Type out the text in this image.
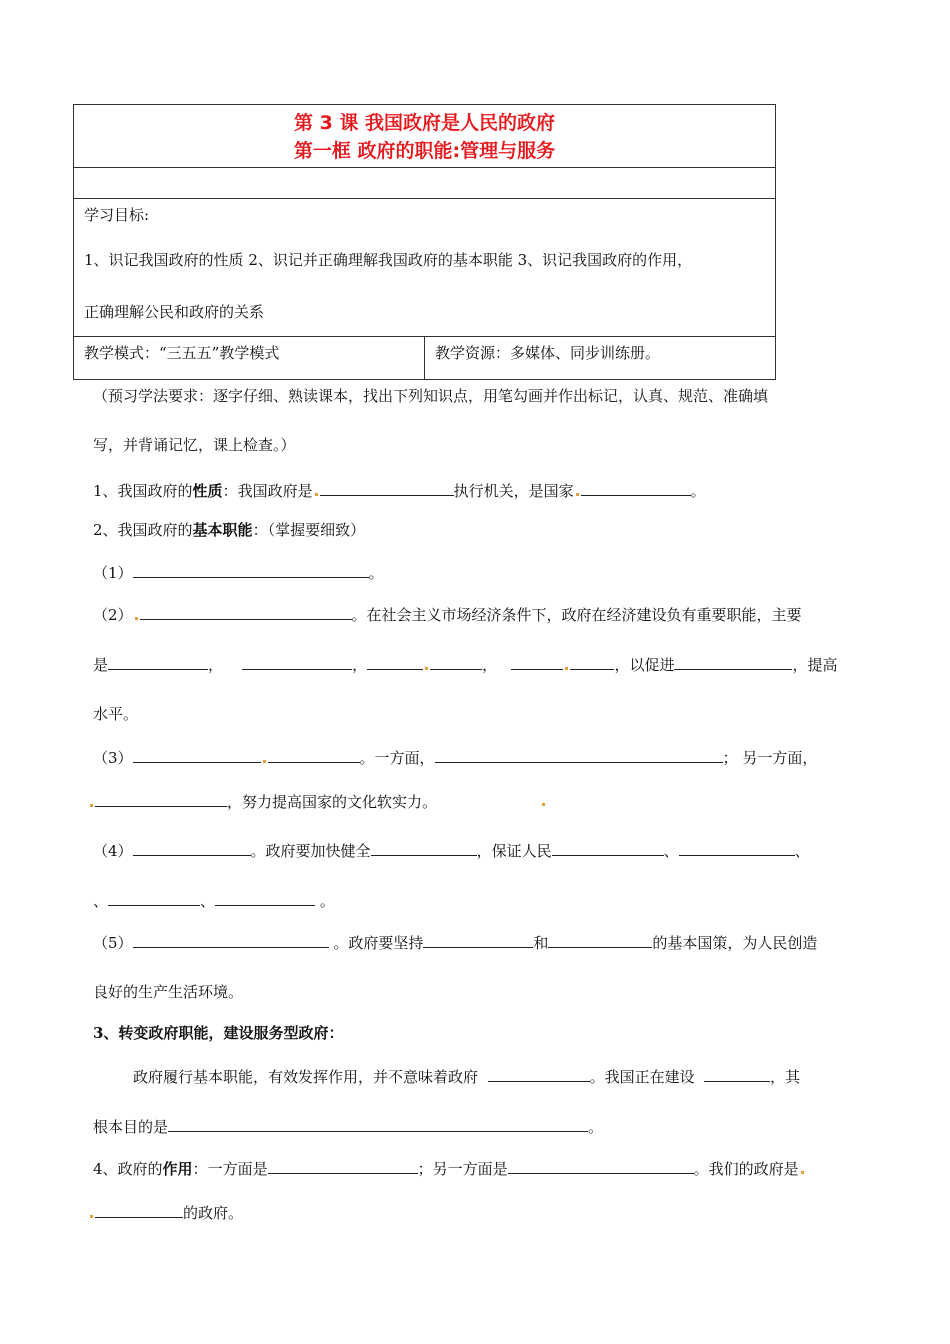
第 3 课 我国政府是人民的政府
第一框 政府的职能:管理与服务

学习目标:
1、识记我国政府的性质 2、识记并正确理解我国政府的基本职能 3、识记我国政府的作用，
正确理解公民和政府的关系

教学模式：“三五五”教学模式	教学资源：多媒体、同步训练册。
（预习学法要求：逐字仔细、熟读课本，找出下列知识点，用笔勾画并作出标记，认真、规范、准确填
写，并背诵记忆，课上检查。）
1、我国政府的性质：我国政府是	执行机关，是国家	。
2、我国政府的基本职能：（掌握要细致）
（1）	。
（2）	。在社会主义市场经济条件下，政府在经济建设负有重要职能，主要
是	，	，	，	，以促进	，提高
水平。
（3）	。一方面，	； 另一方面，
，努力提高国家的文化软实力。
（4）	。政府要加快健全	，保证人民	、	、
、	、	。
（5）	。政府要坚持	和	的基本国策，为人民创造
良好的生产生活环境。
3、转变政府职能，建设服务型政府：
政府履行基本职能，有效发挥作用，并不意味着政府	。我国正在建设	，其
根本目的是	。
4、政府的作用：一方面是	；另一方面是	。我们的政府是
的政府。
